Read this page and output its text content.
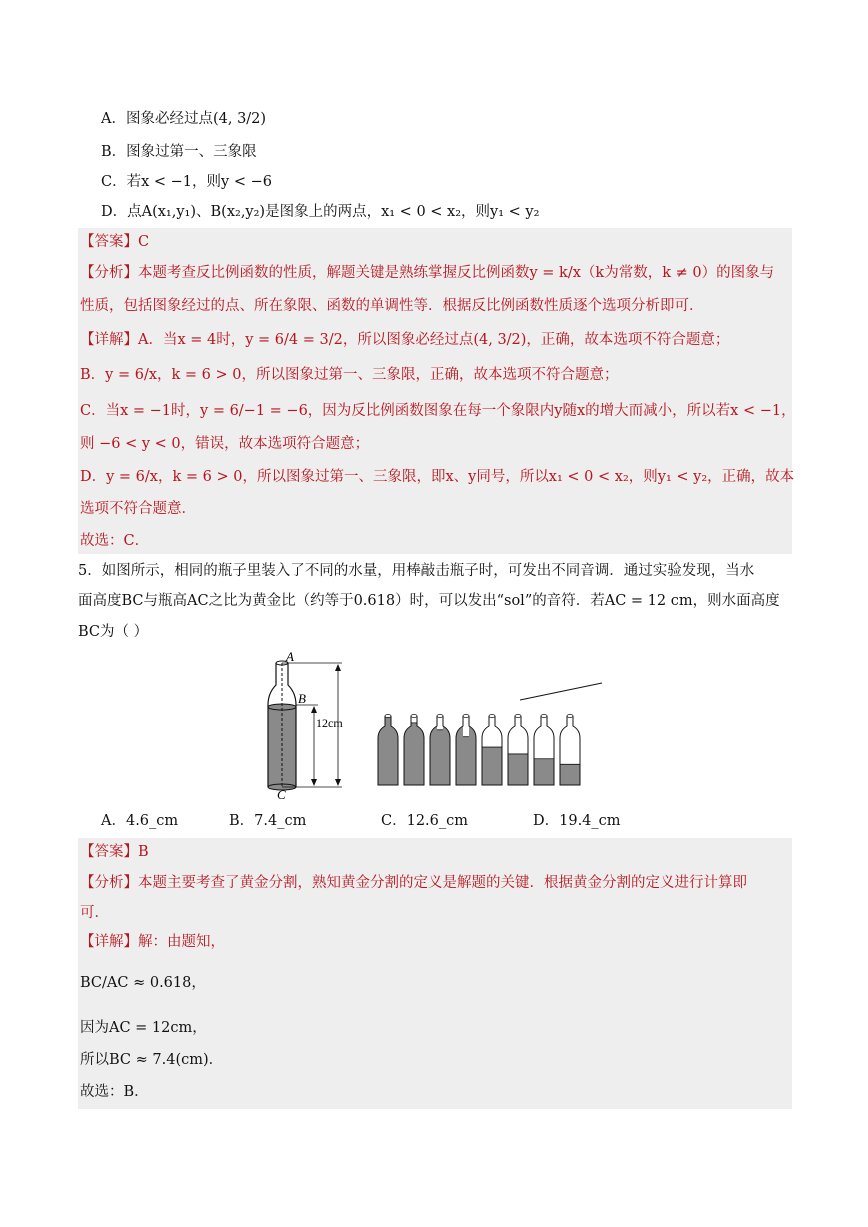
A．图象必经过点(4, 3/2)
B．图象过第一、三象限
C．若x < −1，则y < −6
D．点A(x₁,y₁)、B(x₂,y₂)是图象上的两点，x₁ < 0 < x₂，则y₁ < y₂
【答案】C
【分析】本题考查反比例函数的性质，解题关键是熟练掌握反比例函数y = k/x（k为常数，k ≠ 0）的图象与
性质，包括图象经过的点、所在象限、函数的单调性等．根据反比例函数性质逐个选项分析即可．
【详解】A．当x = 4时，y = 6/4 = 3/2，所以图象必经过点(4, 3/2)，正确，故本选项不符合题意；
B．y = 6/x，k = 6 > 0，所以图象过第一、三象限，正确，故本选项不符合题意；
C．当x = −1时，y = 6/−1 = −6，因为反比例函数图象在每一个象限内y随x的增大而减小，所以若x < −1，
则 −6 < y < 0，错误，故本选项符合题意；
D．y = 6/x，k = 6 > 0，所以图象过第一、三象限，即x、y同号，所以x₁ < 0 < x₂，则y₁ < y₂，正确，故本
选项不符合题意．
故选：C．
5．如图所示，相同的瓶子里装入了不同的水量，用棒敲击瓶子时，可发出不同音调．通过实验发现，当水
面高度BC与瓶高AC之比为黄金比（约等于0.618）时，可以发出“sol”的音符．若AC = 12 cm，则水面高度
BC为（ ）
A
B
C
12cm
A．4.6_cm	B．7.4_cm	C．12.6_cm	D．19.4_cm
【答案】B
【分析】本题主要考查了黄金分割，熟知黄金分割的定义是解题的关键．根据黄金分割的定义进行计算即
可．
【详解】解：由题知，
BC/AC ≈ 0.618，
因为AC = 12cm，
所以BC ≈ 7.4(cm)．
故选：B．
